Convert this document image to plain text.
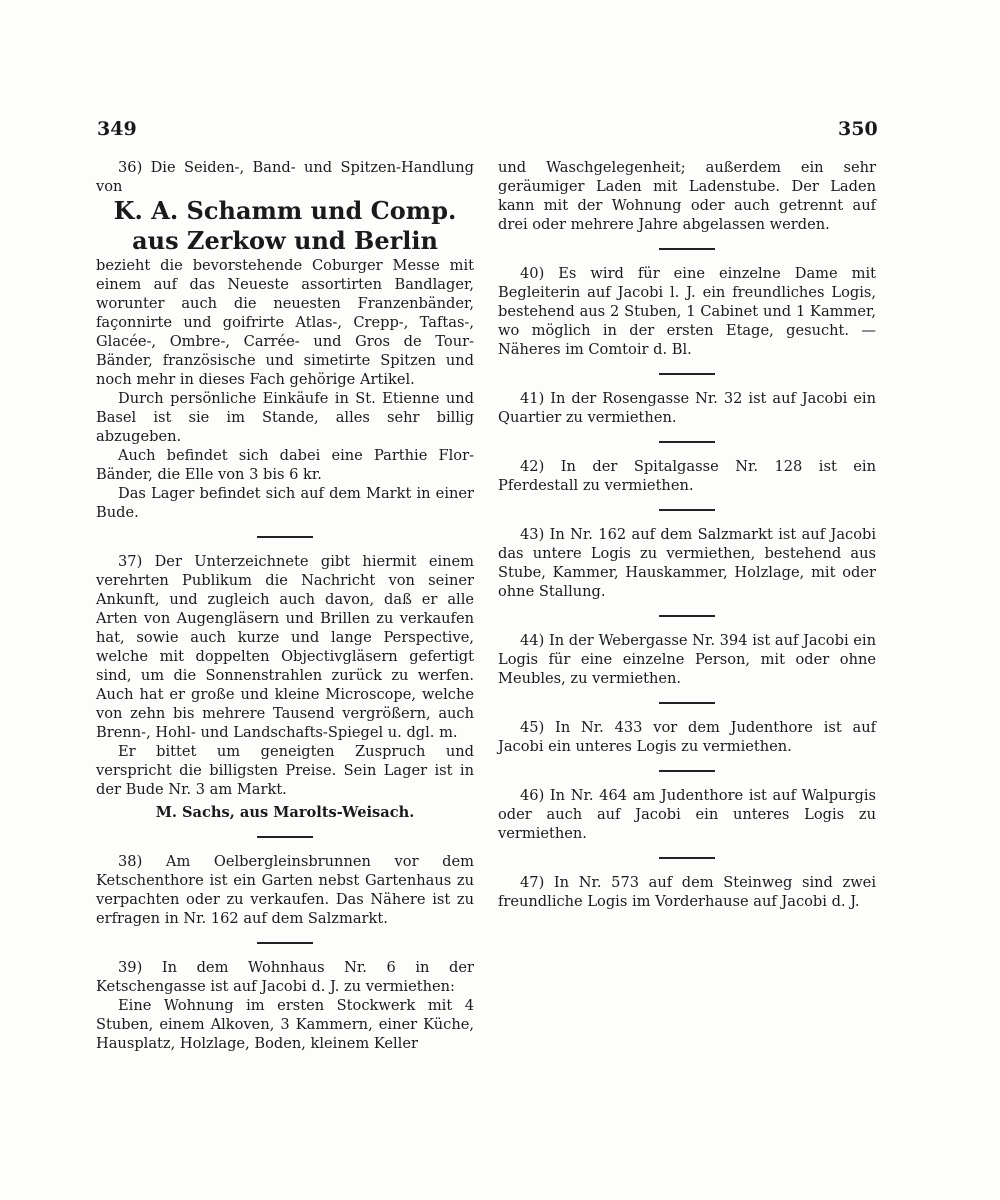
349	350

36) Die Seiden-, Band- und Spitzen-Handlung von

K. A. Schamm und Comp. aus Zerkow und Berlin

bezieht die bevorstehende Coburger Messe mit einem auf das Neueste assortirten Bandlager, worunter auch die neuesten Franzenbänder, façonnirte und goifrirte Atlas-, Crepp-, Taftas-, Glacée-, Ombre-, Carrée- und Gros de Tour-Bänder, französische und simetirte Spitzen und noch mehr in dieses Fach gehörige Artikel.

Durch persönliche Einkäufe in St. Etienne und Basel ist sie im Stande, alles sehr billig abzugeben.

Auch befindet sich dabei eine Parthie Flor-Bänder, die Elle von 3 bis 6 kr.

Das Lager befindet sich auf dem Markt in einer Bude.

37) Der Unterzeichnete gibt hiermit einem verehrten Publikum die Nachricht von seiner Ankunft, und zugleich auch davon, daß er alle Arten von Augengläsern und Brillen zu verkaufen hat, sowie auch kurze und lange Perspective, welche mit doppelten Objectivgläsern gefertigt sind, um die Sonnenstrahlen zurück zu werfen. Auch hat er große und kleine Microscope, welche von zehn bis mehrere Tausend vergrößern, auch Brenn-, Hohl- und Landschafts-Spiegel u. dgl. m.

Er bittet um geneigten Zuspruch und verspricht die billigsten Preise. Sein Lager ist in der Bude Nr. 3 am Markt.

M. Sachs, aus Marolts-Weisach.

38) Am Oelbergleinsbrunnen vor dem Ketschenthore ist ein Garten nebst Gartenhaus zu verpachten oder zu verkaufen. Das Nähere ist zu erfragen in Nr. 162 auf dem Salzmarkt.

39) In dem Wohnhaus Nr. 6 in der Ketschengasse ist auf Jacobi d. J. zu vermiethen:

Eine Wohnung im ersten Stockwerk mit 4 Stuben, einem Alkoven, 3 Kammern, einer Küche, Hausplatz, Holzlage, Boden, kleinem Keller

und Waschgelegenheit; außerdem ein sehr geräumiger Laden mit Ladenstube. Der Laden kann mit der Wohnung oder auch getrennt auf drei oder mehrere Jahre abgelassen werden.

40) Es wird für eine einzelne Dame mit Begleiterin auf Jacobi l. J. ein freundliches Logis, bestehend aus 2 Stuben, 1 Cabinet und 1 Kammer, wo möglich in der ersten Etage, gesucht. — Näheres im Comtoir d. Bl.

41) In der Rosengasse Nr. 32 ist auf Jacobi ein Quartier zu vermiethen.

42) In der Spitalgasse Nr. 128 ist ein Pferdestall zu vermiethen.

43) In Nr. 162 auf dem Salzmarkt ist auf Jacobi das untere Logis zu vermiethen, bestehend aus Stube, Kammer, Hauskammer, Holzlage, mit oder ohne Stallung.

44) In der Webergasse Nr. 394 ist auf Jacobi ein Logis für eine einzelne Person, mit oder ohne Meubles, zu vermiethen.

45) In Nr. 433 vor dem Judenthore ist auf Jacobi ein unteres Logis zu vermiethen.

46) In Nr. 464 am Judenthore ist auf Walpurgis oder auch auf Jacobi ein unteres Logis zu vermiethen.

47) In Nr. 573 auf dem Steinweg sind zwei freundliche Logis im Vorderhause auf Jacobi d. J.
